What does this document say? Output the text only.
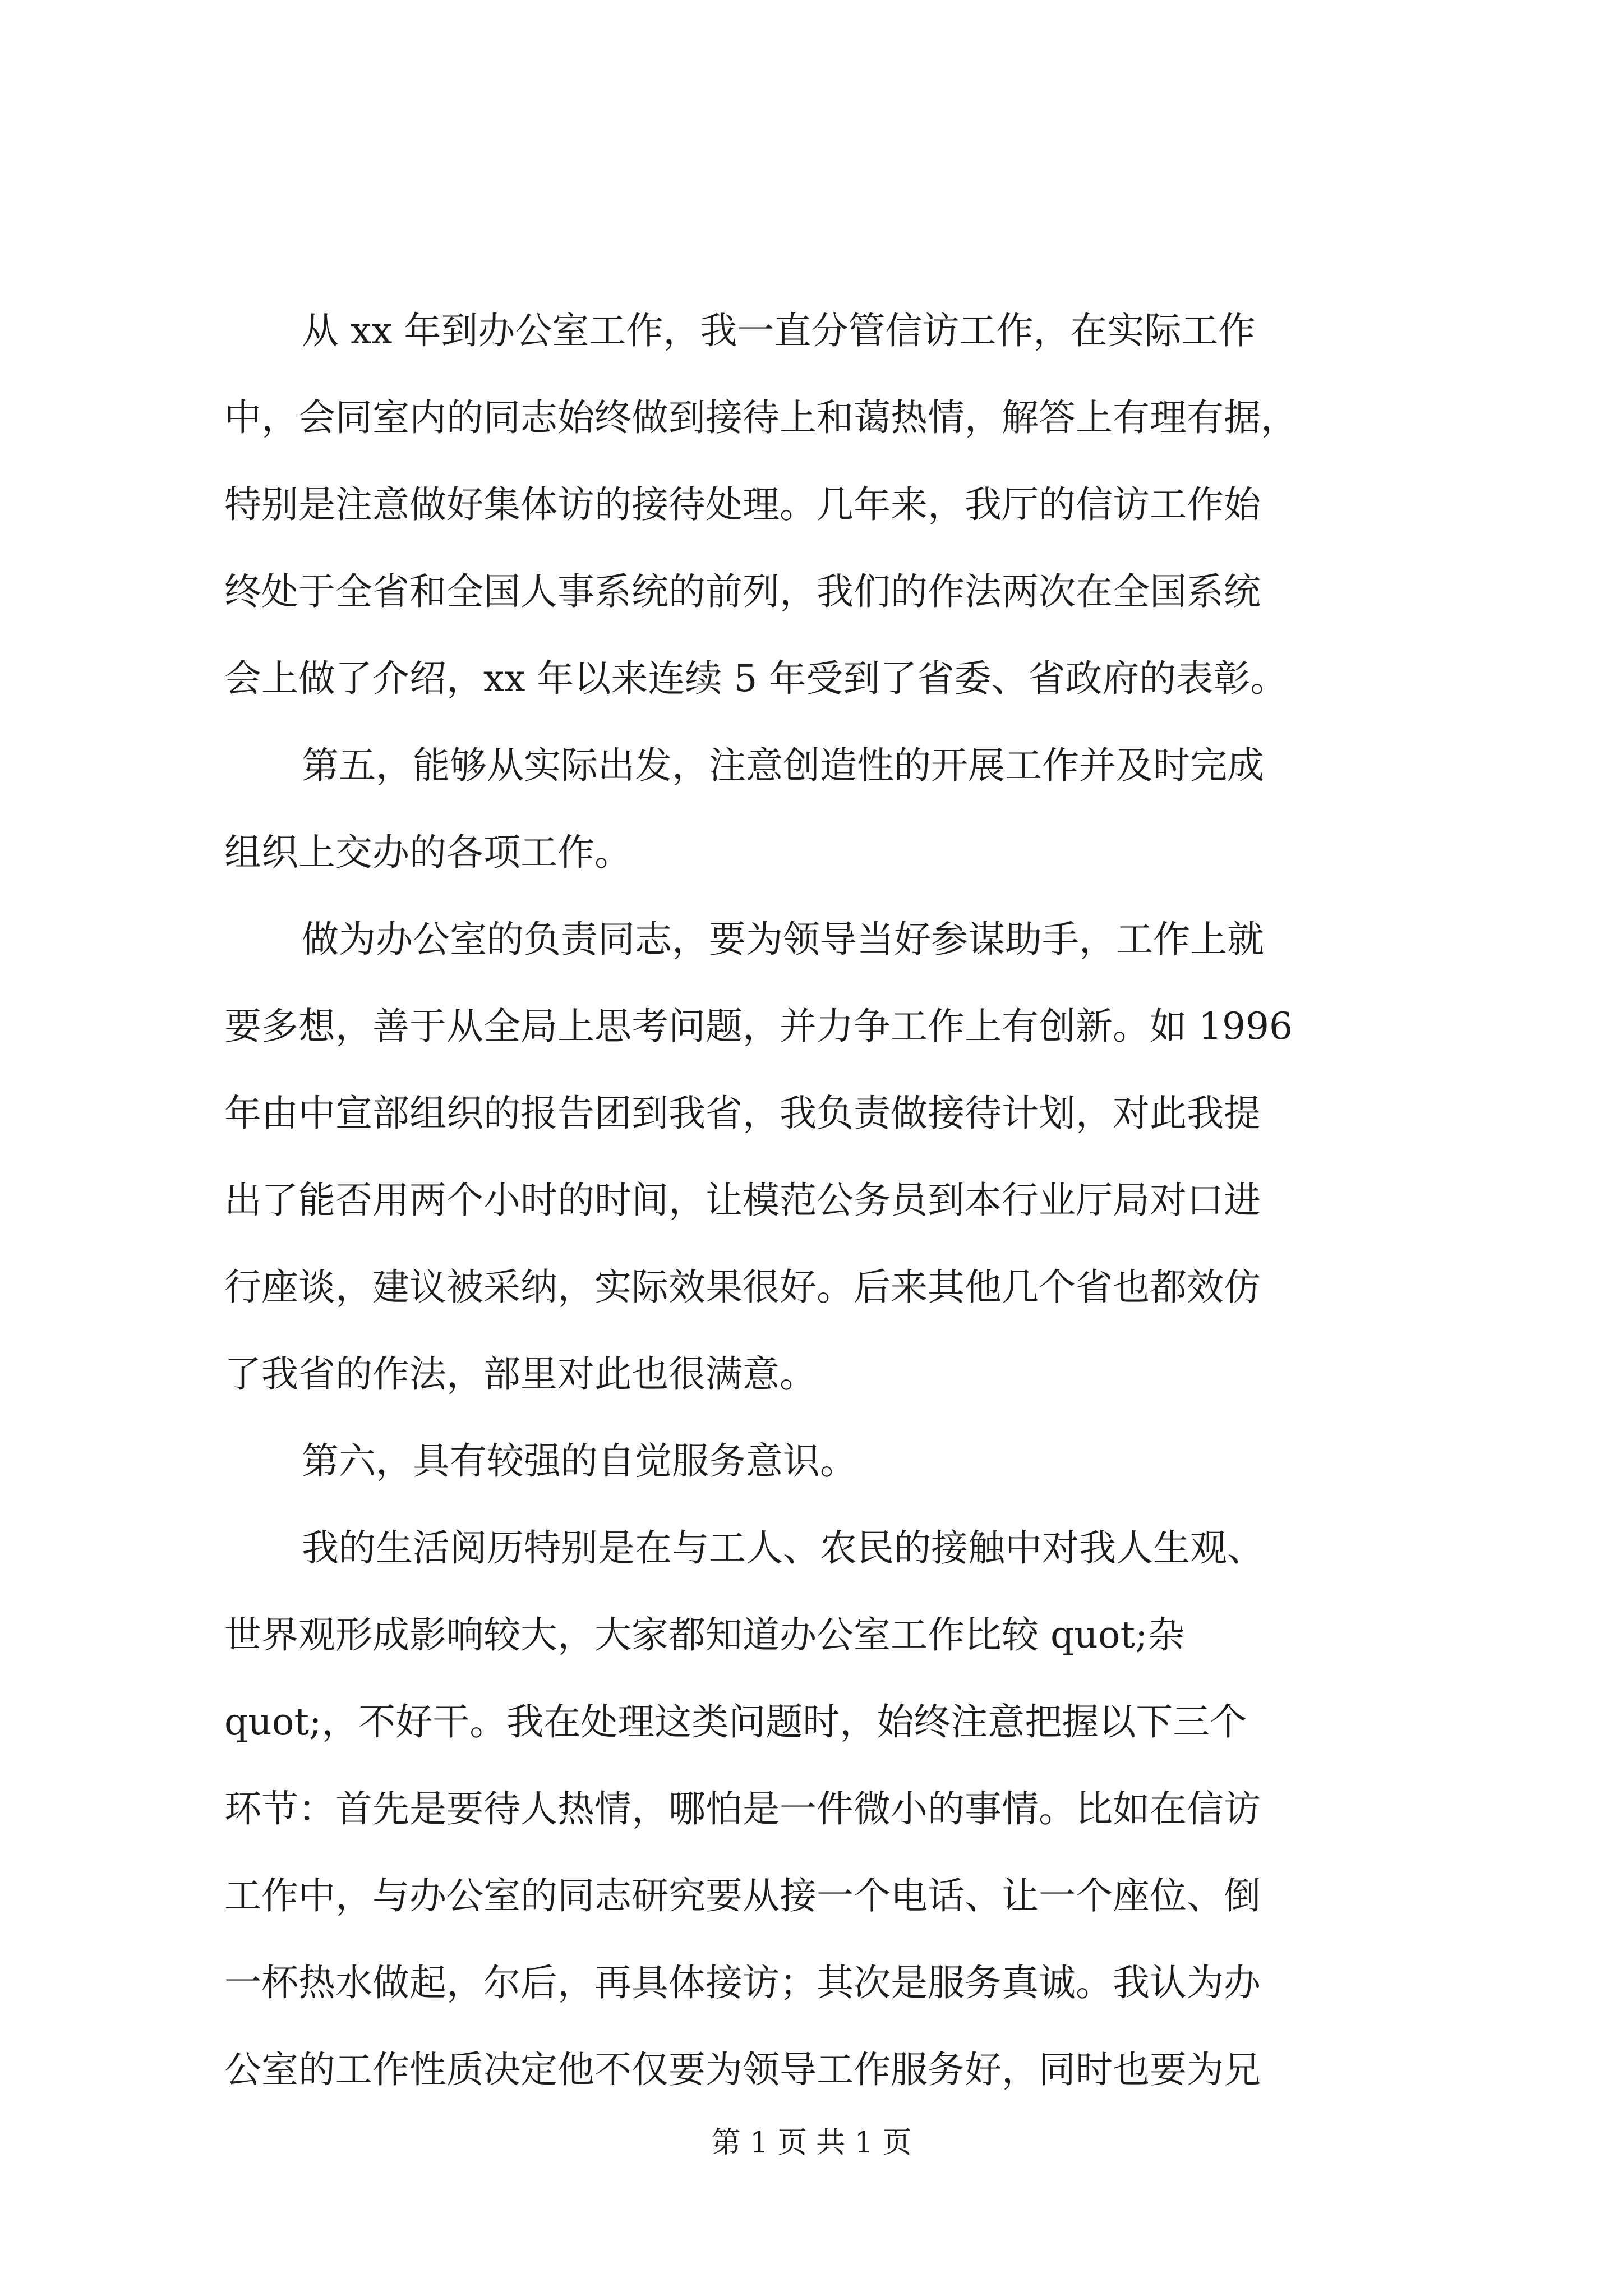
从 xx 年到办公室工作，我一直分管信访工作，在实际工作
中，会同室内的同志始终做到接待上和蔼热情，解答上有理有据，
特别是注意做好集体访的接待处理。几年来，我厅的信访工作始
终处于全省和全国人事系统的前列，我们的作法两次在全国系统
会上做了介绍，xx 年以来连续 5 年受到了省委、省政府的表彰。
第五，能够从实际出发，注意创造性的开展工作并及时完成
组织上交办的各项工作。
做为办公室的负责同志，要为领导当好参谋助手，工作上就
要多想，善于从全局上思考问题，并力争工作上有创新。如 1996
年由中宣部组织的报告团到我省，我负责做接待计划，对此我提
出了能否用两个小时的时间，让模范公务员到本行业厅局对口进
行座谈，建议被采纳，实际效果很好。后来其他几个省也都效仿
了我省的作法，部里对此也很满意。
第六，具有较强的自觉服务意识。
我的生活阅历特别是在与工人、农民的接触中对我人生观、
世界观形成影响较大，大家都知道办公室工作比较 quot;杂
quot;，不好干。我在处理这类问题时，始终注意把握以下三个
环节：首先是要待人热情，哪怕是一件微小的事情。比如在信访
工作中，与办公室的同志研究要从接一个电话、让一个座位、倒
一杯热水做起，尔后，再具体接访；其次是服务真诚。我认为办
公室的工作性质决定他不仅要为领导工作服务好，同时也要为兄
第 1 页 共 1 页
